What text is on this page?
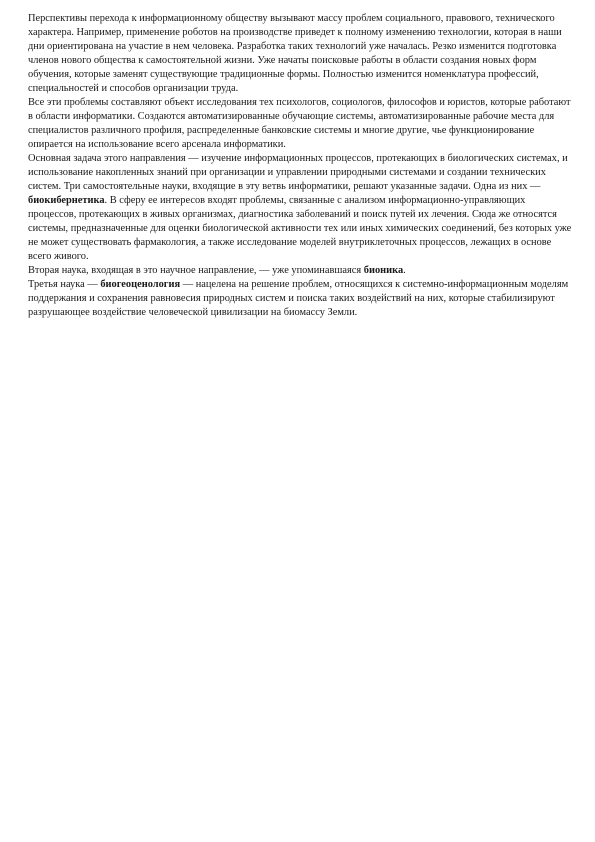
Перспективы перехода к информационному обществу вызывают массу проблем социального, правового, технического характера. Например, применение роботов на производстве приведет к полному изменению технологии, которая в наши дни ориентирована на участие в нем человека. Разработка таких технологий уже началась. Резко изменится подготовка членов нового общества к самостоятельной жизни. Уже начаты поисковые работы в области создания новых форм обучения, которые заменят существующие традиционные формы. Полностью изменится номенклатура профессий, специальностей и способов организации труда.

Все эти проблемы составляют объект исследования тех психологов, социологов, философов и юристов, которые работают в области информатики. Создаются автоматизированные обучающие системы, автоматизированные рабочие места для специалистов различного профиля, распределенные банковские системы и многие другие, чье функционирование опирается на использование всего арсенала информатики.

Основная задача этого направления — изучение информационных процессов, протекающих в биологических системах, и использование накопленных знаний при организации и управлении природными системами и создании технических систем. Три самостоятельные науки, входящие в эту ветвь информатики, решают указанные задачи. Одна из них — биокибернетика. В сферу ее интересов входят проблемы, связанные с анализом информационно-управляющих процессов, протекающих в живых организмах, диагностика заболеваний и поиск путей их лечения. Сюда же относятся системы, предназначенные для оценки биологической активности тех или иных химических соединений, без которых уже не может существовать фармакология, а также исследование моделей внутриклеточных процессов, лежащих в основе всего живого.

Вторая наука, входящая в это научное направление, — уже упоминавшаяся бионика.

Третья наука — биогеоценология — нацелена на решение проблем, относящихся к системно-информационным моделям поддержания и сохранения равновесия природных систем и поиска таких воздействий на них, которые стабилизируют разрушающее воздействие человеческой цивилизации на биомассу Земли.
